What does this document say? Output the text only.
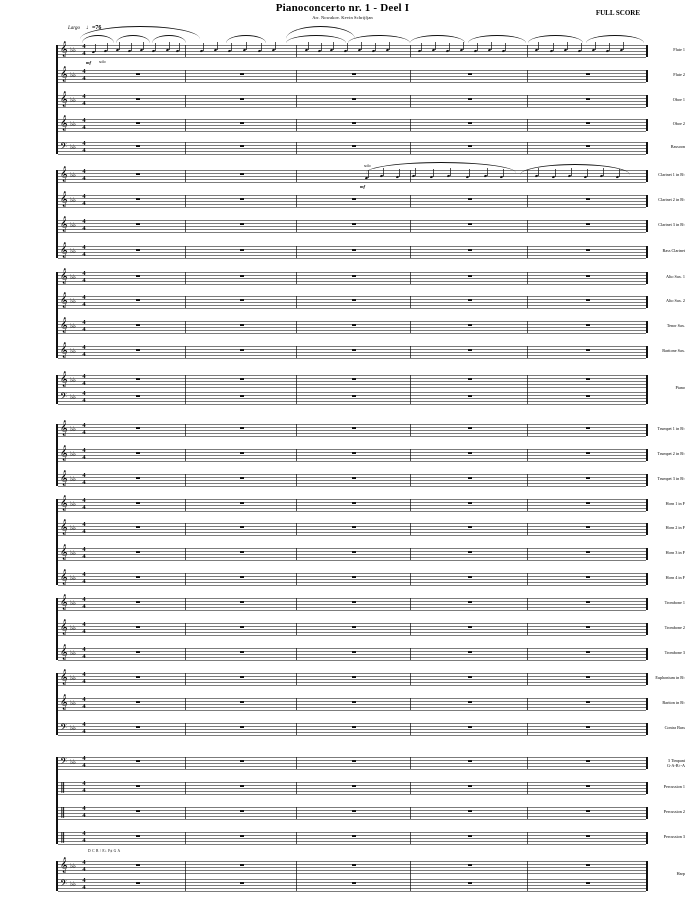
Pianoconcerto nr. 1 - Deel I
Arr. Nowakov. Kevin Schrijfjan
FULL SCORE
Largo ♩=76
Flute 1
𝄞 ♭♭	4
4
Flute 2
𝄞 ♭♭	4
4
Oboe 1
𝄞 ♭♭	4
4
Oboe 2
𝄞 ♭♭	4
4
Bassoon
𝄢 ♭♭	4
4
Clarinet 1 in B♭
𝄞 ♭♭	4
4
Clarinet 2 in B♭
𝄞 ♭♭	4
4
Clarinet 3 in B♭
𝄞 ♭♭	4
4
Bass Clarinet
𝄞 ♭♭	4
4
Alto Sax. 1
𝄞 ♭♭	4
4
Alto Sax. 2
𝄞 ♭♭	4
4
Tenor Sax.
𝄞 ♭♭	4
4
Baritone Sax.
𝄞 ♭♭	4
4
Piano
𝄞
𝄢
♭♭
♭♭
4
4
4
4
Trumpet 1 in B♭
𝄞 ♭♭	4
4
Trumpet 2 in B♭
𝄞 ♭♭	4
4
Trumpet 3 in B♭
𝄞 ♭♭	4
4
Horn 1 in F
𝄞 ♭♭	4
4
Horn 2 in F
𝄞 ♭♭	4
4
Horn 3 in F
𝄞 ♭♭	4
4
Horn 4 in F
𝄞 ♭♭	4
4
Trombone 1
𝄞 ♭♭	4
4
Trombone 2
𝄞 ♭♭	4
4
Trombone 3
𝄞 ♭♭	4
4
Euphonium in B♭
𝄞 ♭♭	4
4
Bariton in B♭
𝄞 ♭♭	4
4
Contra Bass
𝄢 ♭♭	4
4
3 Timpani
G-A-B♭-A
𝄢 ♭♭	4
4
Percussion 1
‖	4
4
Percussion 2
‖	4
4
Percussion 3
‖	4
4
Harp
𝄞
𝄢
♭♭
♭♭
4
4
4
4
mf solo
solo
mf
D C B / E♭ F♯ G A
